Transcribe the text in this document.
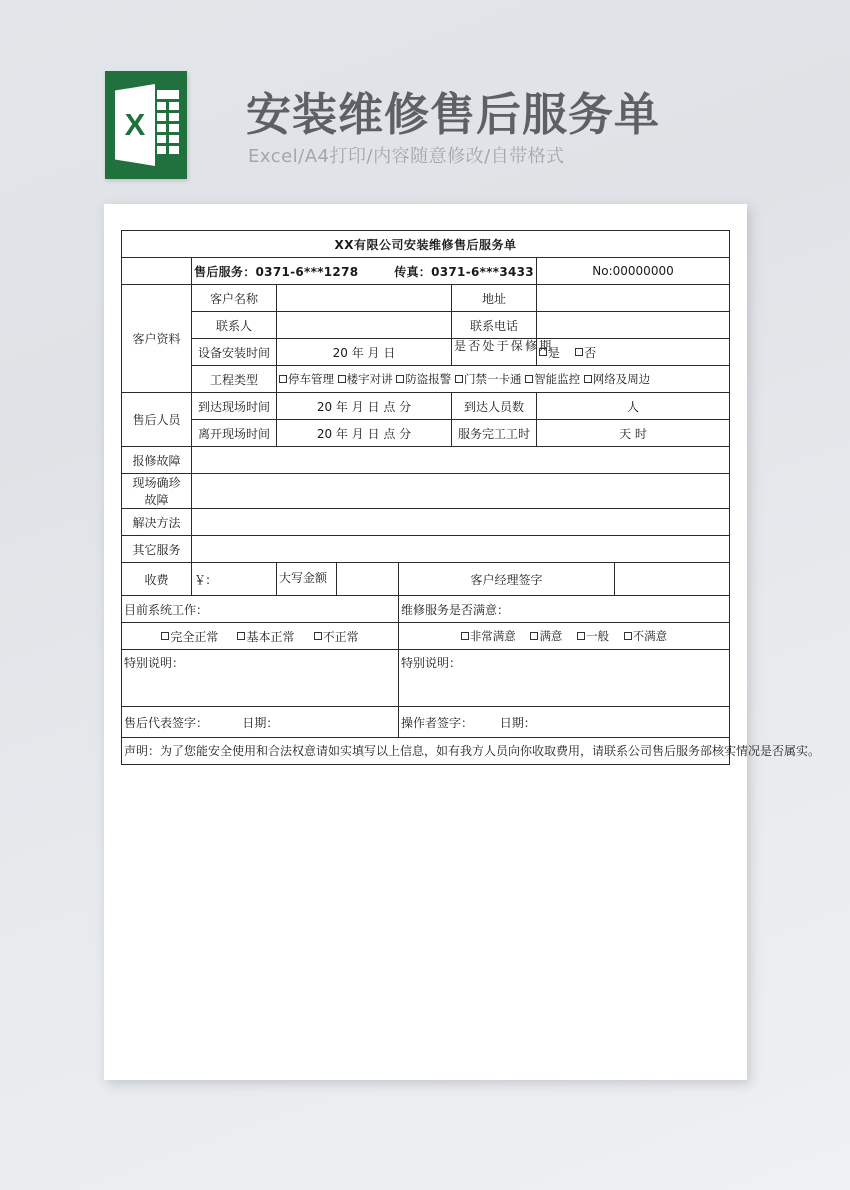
X 安装维修售后服务单
Excel/A4打印/内容随意修改/自带格式
XX有限公司安装维修售后服务单							
	售后服务：0371-6***1278 传真：0371-6***3433					No:00000000	
客户资料	客户名称				地址		
	联系人				联系电话		
	设备安装时间	20 年 月 日			是否处于保修期	是 否	
	工程类型	停车管理 楼宇对讲 防盗报警 门禁一卡通 智能监控 网络及周边					
售后人员	到达现场时间	20 年 月 日 点 分			到达人员数	人	
	离开现场时间	20 年 月 日 点 分			服务完工工时	天 时	
报修故障							

现场确珍
故障							

解决方法							
其它服务							
收费	￥:	大写金额		客户经理签字			
目前系统工作：				维修服务是否满意：			
完全正常 基本正常 不正常				非常满意 满意 一般 不满意			
特别说明：				特别说明：			
售后代表签字： 日期：				操作者签字： 日期：			
声明：为了您能安全使用和合法权意请如实填写以上信息，如有我方人员向你收取费用，请联系公司售后服务部核实情况是否属实。							
